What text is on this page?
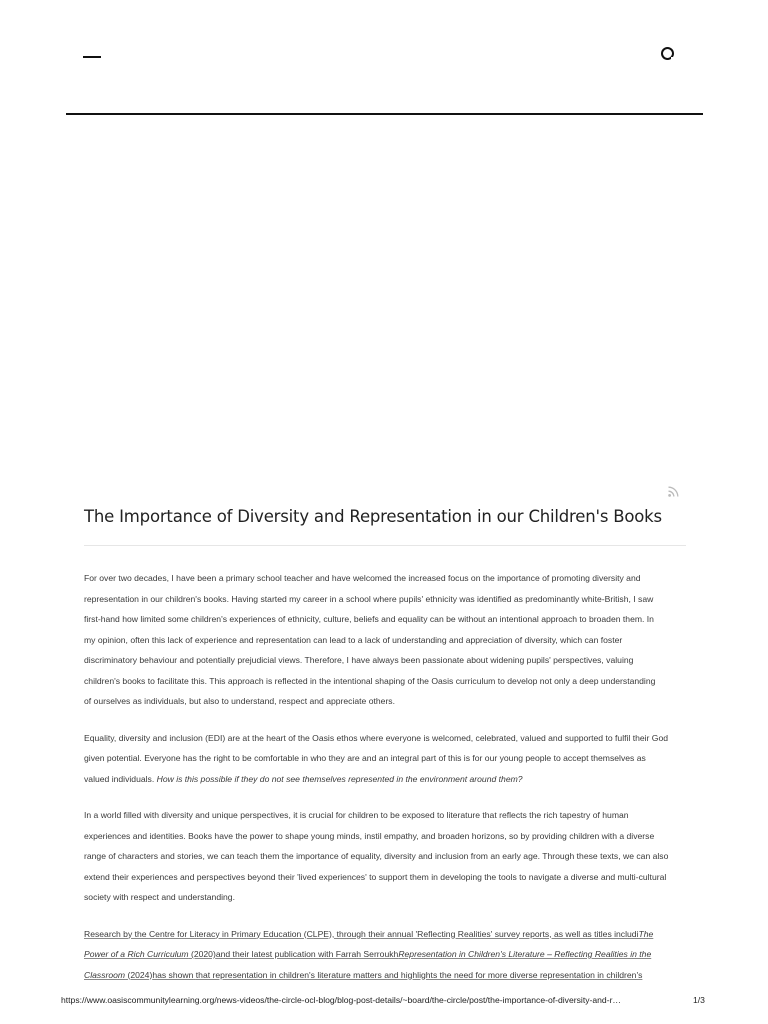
The Importance of Diversity and Representation in our Children's Books

For over two decades, I have been a primary school teacher and have welcomed the increased focus on the importance of promoting diversity and
representation in our children's books. Having started my career in a school where pupils' ethnicity was identified as predominantly white-British, I saw
first-hand how limited some children's experiences of ethnicity, culture, beliefs and equality can be without an intentional approach to broaden them. In
my opinion, often this lack of experience and representation can lead to a lack of understanding and appreciation of diversity, which can foster
discriminatory behaviour and potentially prejudicial views. Therefore, I have always been passionate about widening pupils' perspectives, valuing
children's books to facilitate this. This approach is reflected in the intentional shaping of the Oasis curriculum to develop not only a deep understanding
of ourselves as individuals, but also to understand, respect and appreciate others.

Equality, diversity and inclusion (EDI) are at the heart of the Oasis ethos where everyone is welcomed, celebrated, valued and supported to fulfil their God
given potential. Everyone has the right to be comfortable in who they are and an integral part of this is for our young people to accept themselves as
valued individuals. How is this possible if they do not see themselves represented in the environment around them?

In a world filled with diversity and unique perspectives, it is crucial for children to be exposed to literature that reflects the rich tapestry of human
experiences and identities. Books have the power to shape young minds, instil empathy, and broaden horizons, so by providing children with a diverse
range of characters and stories, we can teach them the importance of equality, diversity and inclusion from an early age. Through these texts, we can also
extend their experiences and perspectives beyond their 'lived experiences' to support them in developing the tools to navigate a diverse and multi-cultural
society with respect and understanding.

Research by the Centre for Literacy in Primary Education (CLPE), through their annual 'Reflecting Realities' survey reports, as well as titles includiThe
Power of a Rich Curriculum (2020)and their latest publication with Farrah SerroukhRepresentation in Children's Literature – Reflecting Realities in the
Classroom (2024)has shown that representation in children's literature matters and highlights the need for more diverse representation in children's

https://www.oasiscommunitylearning.org/news-videos/the-circle-ocl-blog/blog-post-details/~board/the-circle/post/the-importance-of-diversity-and-r…	1/3
